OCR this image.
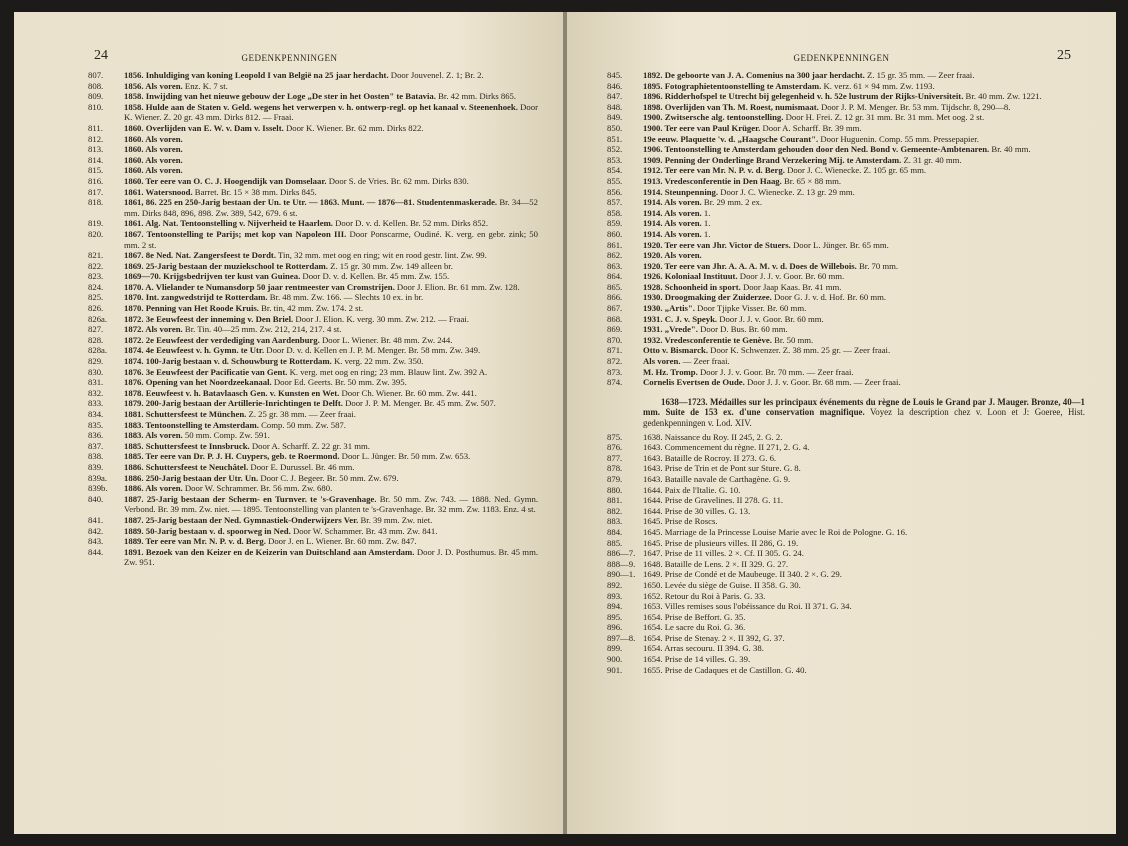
24	GEDENKPENNINGEN
807.	1856. Inhuldiging van koning Leopold I van België na 25 jaar herdacht. Door Jouvenel. Z. 1; Br. 2.
808.	1856. Als voren. Enz. K. 7 st.
809.	1858. Inwijding van het nieuwe gebouw der Loge „De ster in het Oosten" te Batavia. Br. 42 mm. Dirks 865.
810.	1858. Hulde aan de Staten v. Geld. wegens het verwerpen v. h. ontwerp-regl. op het kanaal v. Steenenhoek. Door K. Wiener. Z. 20 gr. 43 mm. Dirks 812. — Fraai.
811.	1860. Overlijden van E. W. v. Dam v. Isselt. Door K. Wiener. Br. 62 mm. Dirks 822.
812.	1860. Als voren.
813.	1860. Als voren.
814.	1860. Als voren.
815.	1860. Als voren.
816.	1860. Ter eere van O. C. J. Hoogendijk van Domselaar. Door S. de Vries. Br. 62 mm. Dirks 830.
817.	1861. Watersnood. Barret. Br. 15 × 38 mm. Dirks 845.
818.	1861, 86. 225 en 250-Jarig bestaan der Un. te Utr. — 1863. Munt. — 1876—81. Studentenmaskerade. Br. 34—52 mm. Dirks 848, 896, 898. Zw. 389, 542, 679. 6 st.
819.	1861. Alg. Nat. Tentoonstelling v. Nijverheid te Haarlem. Door D. v. d. Kellen. Br. 52 mm. Dirks 852.
820.	1867. Tentoonstelling te Parijs; met kop van Napoleon III. Door Ponscarme, Oudiné. K. verg. en gebr. zink; 50 mm. 2 st.
821.	1867. 8e Ned. Nat. Zangersfeest te Dordt. Tin, 32 mm. met oog en ring; wit en rood gestr. lint. Zw. 99.
822.	1869. 25-Jarig bestaan der muziekschool te Rotterdam. Z. 15 gr. 30 mm. Zw. 149 alleen br.
823.	1869—70. Krijgsbedrijven ter kust van Guinea. Door D. v. d. Kellen. Br. 45 mm. Zw. 155.
824.	1870. A. Vlielander te Numansdorp 50 jaar rentmeester van Cromstrijen. Door J. Elion. Br. 61 mm. Zw. 128.
825.	1870. Int. zangwedstrijd te Rotterdam. Br. 48 mm. Zw. 166. — Slechts 10 ex. in br.
826.	1870. Penning van Het Roode Kruis. Br. tin, 42 mm. Zw. 174. 2 st.
826a.	1872. 3e Eeuwfeest der inneming v. Den Briel. Door J. Elion. K. verg. 30 mm. Zw. 212. — Fraai.
827.	1872. Als voren. Br. Tin. 40—25 mm. Zw. 212, 214, 217. 4 st.
828.	1872. 2e Eeuwfeest der verdediging van Aardenburg. Door L. Wiener. Br. 48 mm. Zw. 244.
828a.	1874. 4e Eeuwfeest v. h. Gymn. te Utr. Door D. v. d. Kellen en J. P. M. Menger. Br. 58 mm. Zw. 349.
829.	1874. 100-Jarig bestaan v. d. Schouwburg te Rotterdam. K. verg. 22 mm. Zw. 350.
830.	1876. 3e Eeuwfeest der Pacificatie van Gent. K. verg. met oog en ring; 23 mm. Blauw lint. Zw. 392 A.
831.	1876. Opening van het Noordzeekanaal. Door Ed. Geerts. Br. 50 mm. Zw. 395.
832.	1878. Eeuwfeest v. h. Batavlaasch Gen. v. Kunsten en Wet. Door Ch. Wiener. Br. 60 mm. Zw. 441.
833.	1879. 200-Jarig bestaan der Artillerie-Inrichtingen te Delft. Door J. P. M. Menger. Br. 45 mm. Zw. 507.
834.	1881. Schuttersfeest te München. Z. 25 gr. 38 mm. — Zeer fraai.
835.	1883. Tentoonstelling te Amsterdam. Comp. 50 mm. Zw. 587.
836.	1883. Als voren. 50 mm. Comp. Zw. 591.
837.	1885. Schuttersfeest te Innsbruck. Door A. Scharff. Z. 22 gr. 31 mm.
838.	1885. Ter eere van Dr. P. J. H. Cuypers, geb. te Roermond. Door L. Jünger. Br. 50 mm. Zw. 653.
839.	1886. Schuttersfeest te Neuchâtel. Door E. Durussel. Br. 46 mm.
839a.	1886. 250-Jarig bestaan der Utr. Un. Door C. J. Begeer. Br. 50 mm. Zw. 679.
839b.	1886. Als voren. Door W. Schrammer. Br. 56 mm. Zw. 680.
840.	1887. 25-Jarig bestaan der Scherm- en Turnver. te 's-Gravenhage. Br. 50 mm. Zw. 743. — 1888. Ned. Gymn. Verbond. Br. 39 mm. Zw. niet. — 1895. Tentoonstelling van planten te 's-Gravenhage. Br. 32 mm. Zw. 1183. Enz. 4 st.
841.	1887. 25-Jarig bestaan der Ned. Gymnastiek-Onderwijzers Ver. Br. 39 mm. Zw. niet.
842.	1889. 50-Jarig bestaan v. d. spoorweg in Ned. Door W. Schammer. Br. 43 mm. Zw. 841.
843.	1889. Ter eere van Mr. N. P. v. d. Berg. Door J. en L. Wiener. Br. 60 mm. Zw. 847.
844.	1891. Bezoek van den Keizer en de Keizerin van Duitschland aan Amsterdam. Door J. D. Posthumus. Br. 45 mm. Zw. 951.
25
GEDENKPENNINGEN
845.	1892. De geboorte van J. A. Comenius na 300 jaar herdacht. Z. 15 gr. 35 mm. — Zeer fraai.
846.	1895. Fotographietentoonstelling te Amsterdam. K. verz. 61 × 94 mm. Zw. 1193.
847.	1896. Ridderhofspel te Utrecht bij gelegenheid v. h. 52e lustrum der Rijks-Universiteit. Br. 40 mm. Zw. 1221.
848.	1898. Overlijden van Th. M. Roest, numismaat. Door J. P. M. Menger. Br. 53 mm. Tijdschr. 8, 290—8.
849.	1900. Zwitsersche alg. tentoonstelling. Door H. Frei. Z. 12 gr. 31 mm. Br. 31 mm. Met oog. 2 st.
850.	1900. Ter eere van Paul Krüger. Door A. Scharff. Br. 39 mm.
851.	19e eeuw. Plaquette 'v. d. „Haagsche Courant". Door Huguenin. Comp. 55 mm. Pressepapier.
852.	1906. Tentoonstelling te Amsterdam gehouden door den Ned. Bond v. Gemeente-Ambtenaren. Br. 40 mm.
853.	1909. Penning der Onderlinge Brand Verzekering Mij. te Amsterdam. Z. 31 gr. 40 mm.
854.	1912. Ter eere van Mr. N. P. v. d. Berg. Door J. C. Wienecke. Z. 105 gr. 65 mm.
855.	1913. Vredesconferentie in Den Haag. Br. 65 × 88 mm.
856.	1914. Steunpenning. Door J. C. Wienecke. Z. 13 gr. 29 mm.
857.	1914. Als voren. Br. 29 mm. 2 ex.
858.	1914. Als voren. 1.
859.	1914. Als voren. 1.
860.	1914. Als voren. 1.
861.	1920. Ter eere van Jhr. Victor de Stuers. Door L. Jünger. Br. 65 mm.
862.	1920. Als voren.
863.	1920. Ter eere van Jhr. A. A. A. M. v. d. Does de Willebois. Br. 70 mm.
864.	1926. Koloniaal Instituut. Door J. J. v. Goor. Br. 60 mm.
865.	1928. Schoonheid in sport. Door Jaap Kaas. Br. 41 mm.
866.	1930. Droogmaking der Zuiderzee. Door G. J. v. d. Hof. Br. 60 mm.
867.	1930. „Artis". Door Tjipke Visser. Br. 60 mm.
868.	1931. C. J. v. Speyk. Door J. J. v. Goor. Br. 60 mm.
869.	1931. „Vrede". Door D. Bus. Br. 60 mm.
870.	1932. Vredesconferentie te Genève. Br. 50 mm.
871.	Otto v. Bismarck. Door K. Schwenzer. Z. 38 mm. 25 gr. — Zeer fraai.
872.	Als voren. — Zeer fraai.
873.	M. Hz. Tromp. Door J. J. v. Goor. Br. 70 mm. — Zeer fraai.
874.	Cornelis Evertsen de Oude. Door J. J. v. Goor. Br. 68 mm. — Zeer fraai.
1638—1723. Médailles sur les principaux événements du règne de Louis le Grand par J. Mauger. Bronze, 40—1 mm. Suite de 153 ex. d'une conservation magnifique. Voyez la description chez v. Loon et J: Goeree, Hist. gedenkpenningen v. Lod. XIV.
875.	1638. Naissance du Roy. II 245, 2. G. 2.
876.	1643. Commencement du règne. II 271, 2. G. 4.
877.	1643. Bataille de Rocroy. II 273. G. 6.
878.	1643. Prise de Trin et de Pont sur Sture. G. 8.
879.	1643. Bataille navale de Carthagène. G. 9.
880.	1644. Paix de l'Italie. G. 10.
881.	1644. Prise de Gravelines. II 278. G. 11.
882.	1644. Prise de 30 villes. G. 13.
883.	1645. Prise de Roscs.
884.	1645. Marriage de la Princesse Louise Marie avec le Roi de Pologne. G. 16.
885.	1645. Prise de plusieurs villes. II 286, G. 19.
886—7. 1647. Prise de 11 villes. 2 ×. Cf. II 305. G. 24.
888—9. 1648. Bataille de Lens. 2 ×. II 329. G. 27.
890—1. 1649. Prise de Condé et de Maubeuge. II 340. 2 ×. G. 29.
892.	1650. Levée du siège de Guise. II 358. G. 30.
893.	1652. Retour du Roi à Paris. G. 33.
894.	1653. Villes remises sous l'obéissance du Roi. II 371. G. 34.
895.	1654. Prise de Beffort. G. 35.
896.	1654. Le sacre du Roi. G. 36.
897—8. 1654. Prise de Stenay. 2 ×. II 392, G. 37.
899.	1654. Arras secouru. II 394. G. 38.
900.	1654. Prise de 14 villes. G. 39.
901.	1655. Prise de Cadaques et de Castillon. G. 40.
